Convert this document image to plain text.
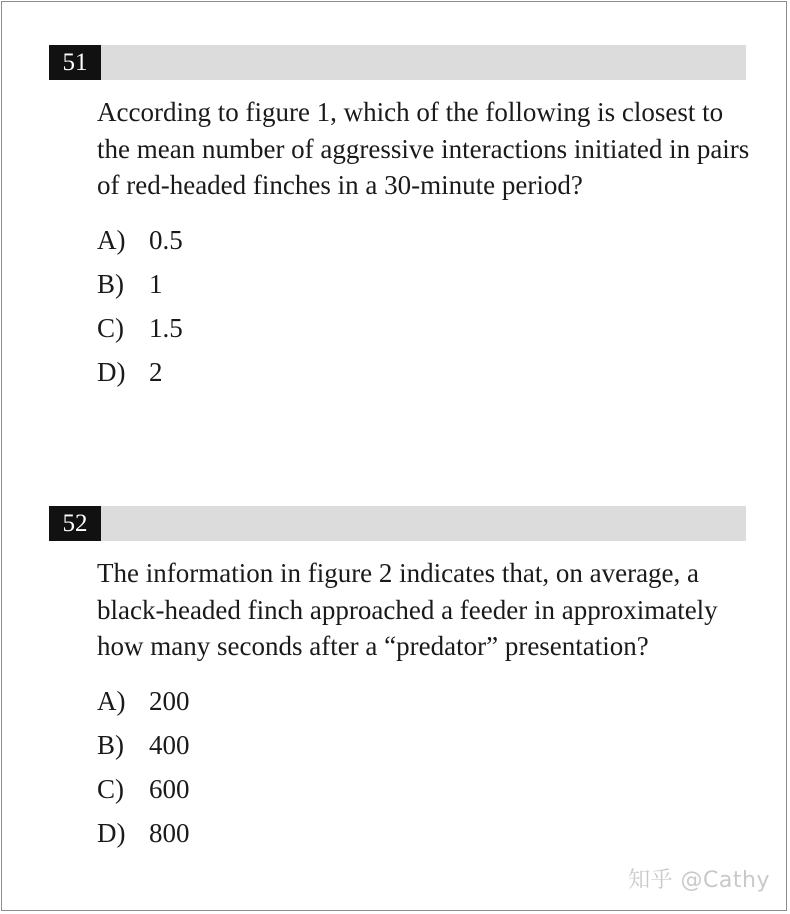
51
According to figure 1, which of the following is closest to the mean number of aggressive interactions initiated in pairs of red-headed finches in a 30-minute period?
A) 0.5
B) 1
C) 1.5
D) 2
52
The information in figure 2 indicates that, on average, a black-headed finch approached a feeder in approximately how many seconds after a “predator” presentation?
A) 200
B) 400
C) 600
D) 800
知乎 @Cathy
